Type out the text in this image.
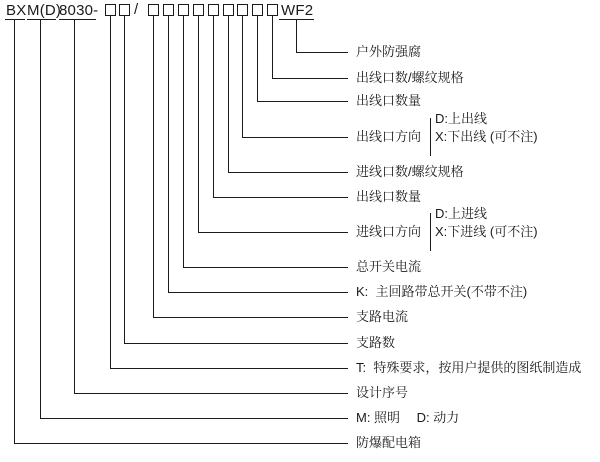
BX M(D)
8030- /	WF2
户外防强腐
出线口数/螺纹规格
出线口数量
出线口方向
进线口数/螺纹规格
出线口数量
进线口方向
总开关电流
K:  主回路带总开关(不带不注)
支路电流
支路数
T:  特殊要求，按用户提供的图纸制造成
设计序号
M: 照明　 D: 动力
防爆配电箱
D:上出线
X:下出线 (可不注)
D:上进线
X:下进线 (可不注)
